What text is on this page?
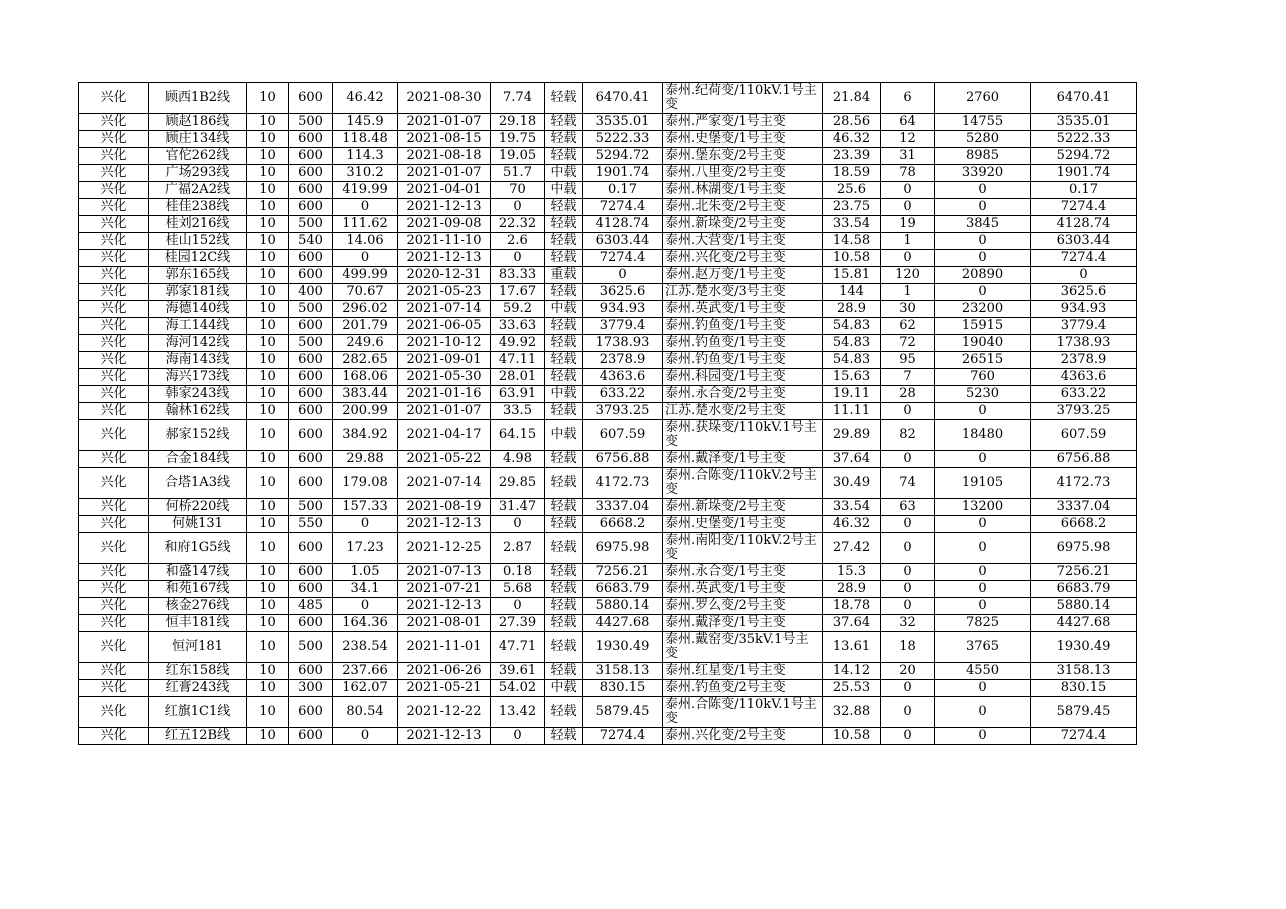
兴化	顾西1B2线	10	600	46.42	2021-08-30	7.74	轻载	6470.41	泰州.纪荷变/110kV.1号主变	21.84	6	2760	6470.41
兴化	顾赵186线	10	500	145.9	2021-01-07	29.18	轻载	3535.01	泰州.严家变/1号主变	28.56	64	14755	3535.01
兴化	顾庄134线	10	600	118.48	2021-08-15	19.75	轻载	5222.33	泰州.史堡变/1号主变	46.32	12	5280	5222.33
兴化	官佗262线	10	600	114.3	2021-08-18	19.05	轻载	5294.72	泰州.堡东变/2号主变	23.39	31	8985	5294.72
兴化	广场293线	10	600	310.2	2021-01-07	51.7	中载	1901.74	泰州.八里变/2号主变	18.59	78	33920	1901.74
兴化	广福2A2线	10	600	419.99	2021-04-01	70	中载	0.17	泰州.林湖变/1号主变	25.6	0	0	0.17
兴化	桂佳238线	10	600	0	2021-12-13	0	轻载	7274.4	泰州.北朱变/2号主变	23.75	0	0	7274.4
兴化	桂刘216线	10	500	111.62	2021-09-08	22.32	轻载	4128.74	泰州.新垛变/2号主变	33.54	19	3845	4128.74
兴化	桂山152线	10	540	14.06	2021-11-10	2.6	轻载	6303.44	泰州.大营变/1号主变	14.58	1	0	6303.44
兴化	桂园12C线	10	600	0	2021-12-13	0	轻载	7274.4	泰州.兴化变/2号主变	10.58	0	0	7274.4
兴化	郭东165线	10	600	499.99	2020-12-31	83.33	重载	0	泰州.赵万变/1号主变	15.81	120	20890	0
兴化	郭家181线	10	400	70.67	2021-05-23	17.67	轻载	3625.6	江苏.楚水变/3号主变	144	1	0	3625.6
兴化	海德140线	10	500	296.02	2021-07-14	59.2	中载	934.93	泰州.英武变/1号主变	28.9	30	23200	934.93
兴化	海工144线	10	600	201.79	2021-06-05	33.63	轻载	3779.4	泰州.钓鱼变/1号主变	54.83	62	15915	3779.4
兴化	海河142线	10	500	249.6	2021-10-12	49.92	轻载	1738.93	泰州.钓鱼变/1号主变	54.83	72	19040	1738.93
兴化	海南143线	10	600	282.65	2021-09-01	47.11	轻载	2378.9	泰州.钓鱼变/1号主变	54.83	95	26515	2378.9
兴化	海兴173线	10	600	168.06	2021-05-30	28.01	轻载	4363.6	泰州.科园变/1号主变	15.63	7	760	4363.6
兴化	韩家243线	10	600	383.44	2021-01-16	63.91	中载	633.22	泰州.永合变/2号主变	19.11	28	5230	633.22
兴化	翰林162线	10	600	200.99	2021-01-07	33.5	轻载	3793.25	江苏.楚水变/2号主变	11.11	0	0	3793.25
兴化	郝家152线	10	600	384.92	2021-04-17	64.15	中载	607.59	泰州.获垛变/110kV.1号主变	29.89	82	18480	607.59
兴化	合金184线	10	600	29.88	2021-05-22	4.98	轻载	6756.88	泰州.戴泽变/1号主变	37.64	0	0	6756.88
兴化	合塔1A3线	10	600	179.08	2021-07-14	29.85	轻载	4172.73	泰州.合陈变/110kV.2号主变	30.49	74	19105	4172.73
兴化	何桥220线	10	500	157.33	2021-08-19	31.47	轻载	3337.04	泰州.新垛变/2号主变	33.54	63	13200	3337.04
兴化	何姚131	10	550	0	2021-12-13	0	轻载	6668.2	泰州.史堡变/1号主变	46.32	0	0	6668.2
兴化	和府1G5线	10	600	17.23	2021-12-25	2.87	轻载	6975.98	泰州.南阳变/110kV.2号主变	27.42	0	0	6975.98
兴化	和盛147线	10	600	1.05	2021-07-13	0.18	轻载	7256.21	泰州.永合变/1号主变	15.3	0	0	7256.21
兴化	和苑167线	10	600	34.1	2021-07-21	5.68	轻载	6683.79	泰州.英武变/1号主变	28.9	0	0	6683.79
兴化	核金276线	10	485	0	2021-12-13	0	轻载	5880.14	泰州.罗么变/2号主变	18.78	0	0	5880.14
兴化	恒丰181线	10	600	164.36	2021-08-01	27.39	轻载	4427.68	泰州.戴泽变/1号主变	37.64	32	7825	4427.68
兴化	恒河181	10	500	238.54	2021-11-01	47.71	轻载	1930.49	泰州.戴窑变/35kV.1号主变	13.61	18	3765	1930.49
兴化	红东158线	10	600	237.66	2021-06-26	39.61	轻载	3158.13	泰州.红星变/1号主变	14.12	20	4550	3158.13
兴化	红膏243线	10	300	162.07	2021-05-21	54.02	中载	830.15	泰州.钓鱼变/2号主变	25.53	0	0	830.15
兴化	红旗1C1线	10	600	80.54	2021-12-22	13.42	轻载	5879.45	泰州.合陈变/110kV.1号主变	32.88	0	0	5879.45
兴化	红五12B线	10	600	0	2021-12-13	0	轻载	7274.4	泰州.兴化变/2号主变	10.58	0	0	7274.4
